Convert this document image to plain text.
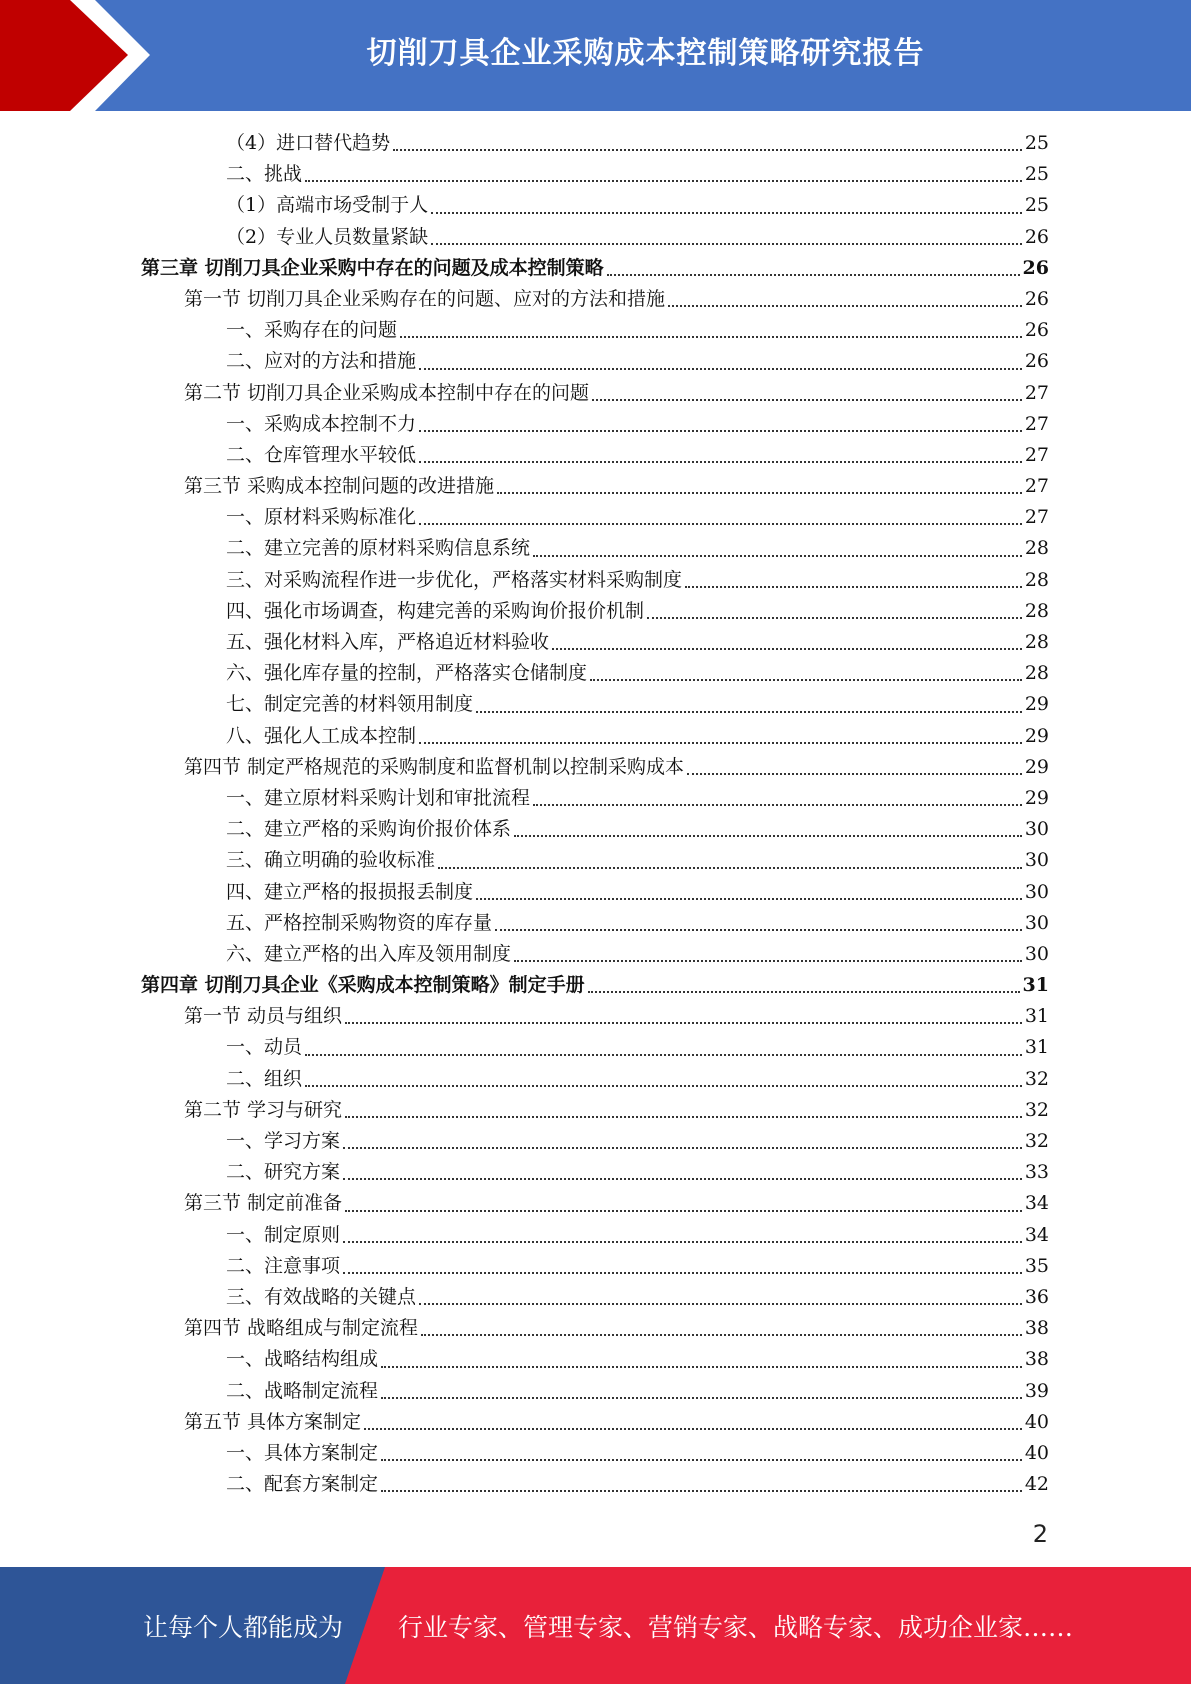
切削刀具企业采购成本控制策略研究报告
（4）进口替代趋势	25
二、挑战	25
（1）高端市场受制于人	25
（2）专业人员数量紧缺	26
第三章 切削刀具企业采购中存在的问题及成本控制策略	26
第一节 切削刀具企业采购存在的问题、应对的方法和措施	26
一、采购存在的问题	26
二、应对的方法和措施	26
第二节 切削刀具企业采购成本控制中存在的问题	27
一、采购成本控制不力	27
二、仓库管理水平较低	27
第三节 采购成本控制问题的改进措施	27
一、原材料采购标准化	27
二、建立完善的原材料采购信息系统	28
三、对采购流程作进一步优化，严格落实材料采购制度	28
四、强化市场调查，构建完善的采购询价报价机制	28
五、强化材料入库，严格追近材料验收	28
六、强化库存量的控制，严格落实仓储制度	28
七、制定完善的材料领用制度	29
八、强化人工成本控制	29
第四节 制定严格规范的采购制度和监督机制以控制采购成本	29
一、建立原材料采购计划和审批流程	29
二、建立严格的采购询价报价体系	30
三、确立明确的验收标准	30
四、建立严格的报损报丢制度	30
五、严格控制采购物资的库存量	30
六、建立严格的出入库及领用制度	30
第四章 切削刀具企业《采购成本控制策略》制定手册	31
第一节 动员与组织	31
一、动员	31
二、组织	32
第二节 学习与研究	32
一、学习方案	32
二、研究方案	33
第三节 制定前准备	34
一、制定原则	34
二、注意事项	35
三、有效战略的关键点	36
第四节 战略组成与制定流程	38
一、战略结构组成	38
二、战略制定流程	39
第五节 具体方案制定	40
一、具体方案制定	40
二、配套方案制定	42
2
让每个人都能成为 行业专家、管理专家、营销专家、战略专家、成功企业家……
